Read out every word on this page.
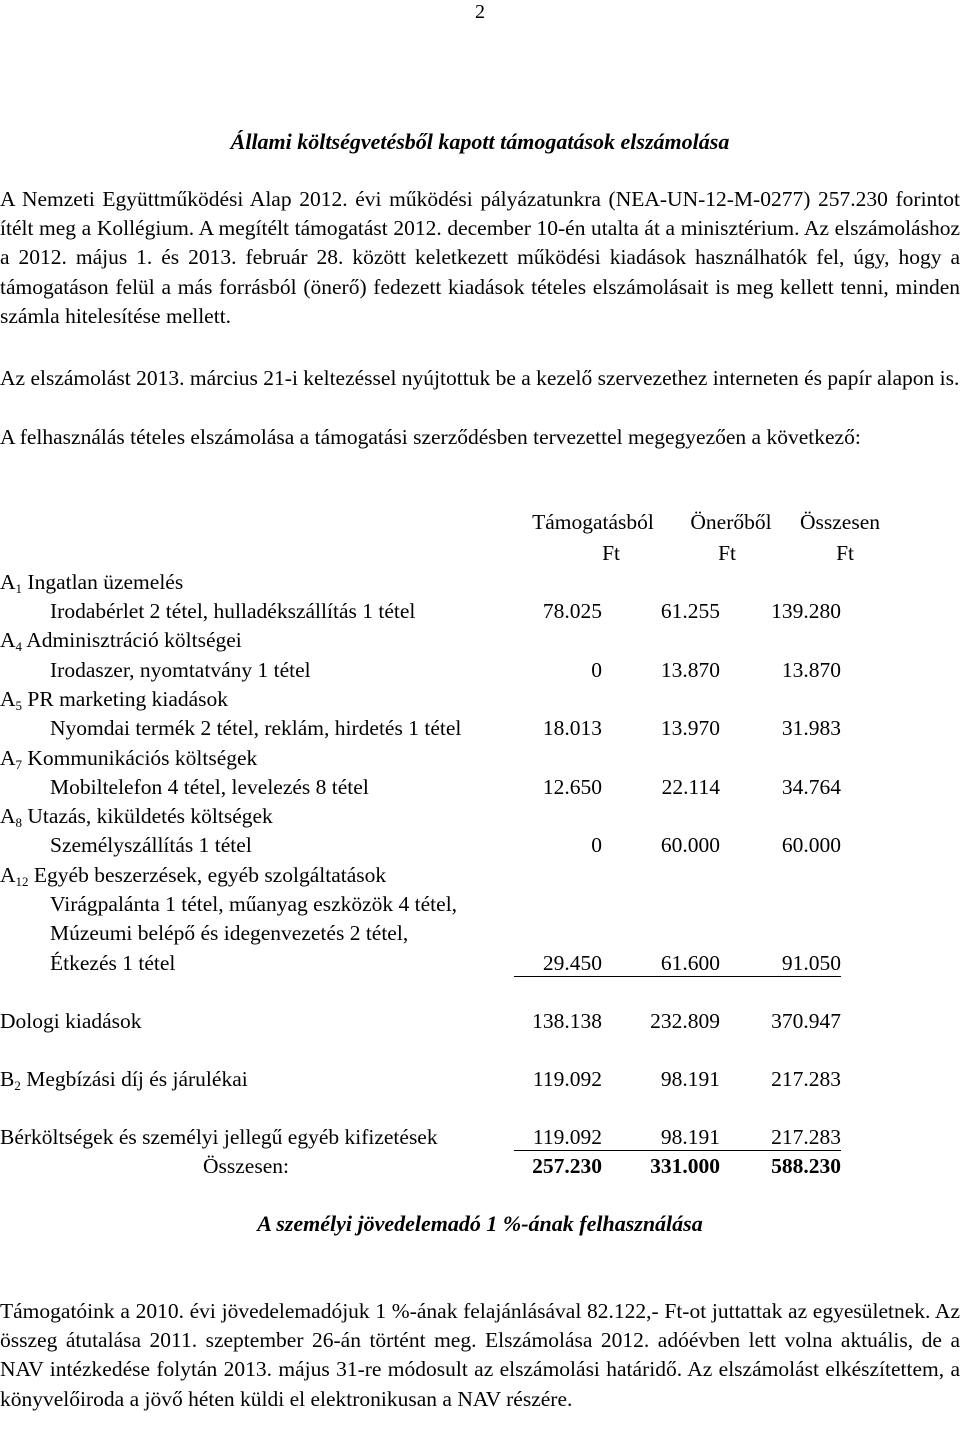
2
Állami költségvetésből kapott támogatások elszámolása

A Nemzeti Együttműködési Alap 2012. évi működési pályázatunkra (NEA-UN-12-M-0277) 257.230 forintot ítélt meg a Kollégium. A megítélt támogatást 2012. december 10-én utalta át a minisztérium. Az elszámoláshoz a 2012. május 1. és 2013. február 28. között keletkezett működési kiadások használhatók fel, úgy, hogy a támogatáson felül a más forrásból (önerő) fedezett kiadások tételes elszámolásait is meg kellett tenni, minden számla hitelesítése mellett.

Az elszámolást 2013. március 21-i keltezéssel nyújtottuk be a kezelő szervezethez interneten és papír alapon is.

A felhasználás tételes elszámolása a támogatási szerződésben tervezettel megegyezően a következő:

Támogatásból	Önerőből	Összesen
Ft	Ft	Ft
$A_1$ Ingatlan üzemelés
Irodabérlet 2 tétel, hulladékszállítás 1 tétel	78.025	61.255	139.280
$A_4$ Adminisztráció költségei
Irodaszer, nyomtatvány 1 tétel	0	13.870	13.870
$A_5$ PR marketing kiadások
Nyomdai termék 2 tétel, reklám, hirdetés 1 tétel	18.013	13.970	31.983
$A_7$ Kommunikációs költségek
Mobiltelefon 4 tétel, levelezés 8 tétel	12.650	22.114	34.764
$A_8$ Utazás, kiküldetés költségek
Személyszállítás 1 tétel	0	60.000	60.000
$A_{12}$ Egyéb beszerzések, egyéb szolgáltatások
Virágpalánta 1 tétel, műanyag eszközök 4 tétel,
Múzeumi belépő és idegenvezetés 2 tétel,
Étkezés 1 tétel	29.450	61.600	91.050
Dologi kiadások	138.138	232.809	370.947
$B_2$ Megbízási díj és járulékai	119.092	98.191	217.283
Bérköltségek és személyi jellegű egyéb kifizetések	119.092	98.191	217.283
Összesen:	257.230	331.000	588.230
A személyi jövedelemadó 1 %-ának felhasználása

Támogatóink a 2010. évi jövedelemadójuk 1 %-ának felajánlásával 82.122,- Ft-ot juttattak az egyesületnek. Az összeg átutalása 2011. szeptember 26-án történt meg. Elszámolása 2012. adóévben lett volna aktuális, de a NAV intézkedése folytán 2013. május 31-re módosult az elszámolási határidő. Az elszámolást elkészítettem, a könyvelőiroda a jövő héten küldi el elektronikusan a NAV részére.
